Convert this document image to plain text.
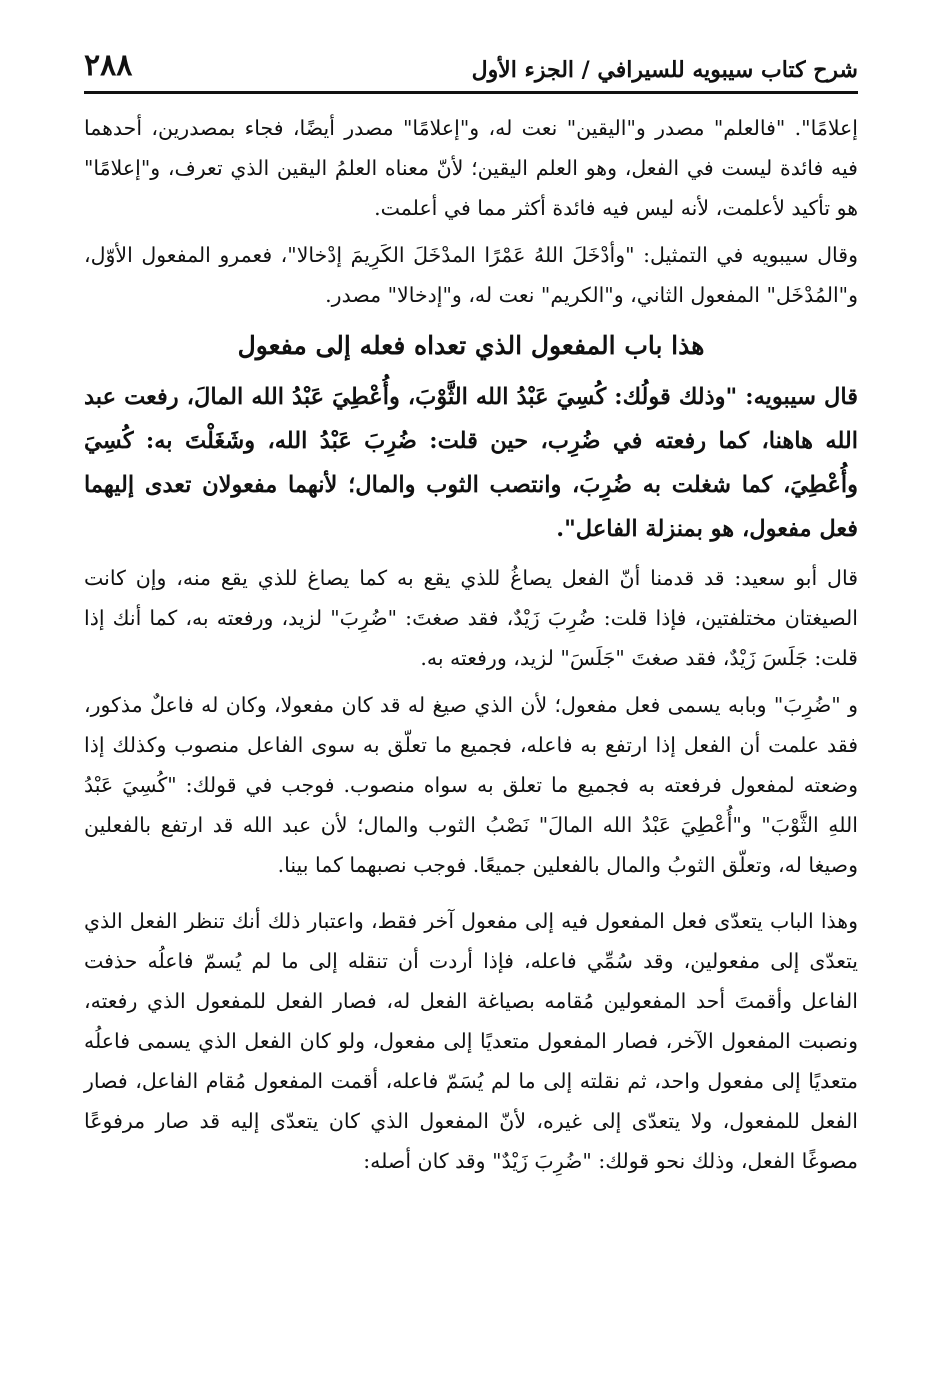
٢٨٨	شرح كتاب سيبويه للسيرافي / الجزء الأول

إعلامًا". "فالعلم" مصدر و"اليقين" نعت له، و"إعلامًا" مصدر أيضًا، فجاء بمصدرين، أحدهما فيه فائدة ليست في الفعل، وهو العلم اليقين؛ لأنّ معناه العلمُ اليقين الذي تعرف، و"إعلامًا" هو تأكيد لأعلمت، لأنه ليس فيه فائدة أكثر مما في أعلمت.

وقال سيبويه في التمثيل: "وأدْخَلَ اللهُ عَمْرًا المدْخَلَ الكَرِيمَ إدْخالا"، فعمرو المفعول الأوّل، و"المُدْخَل" المفعول الثاني، و"الكريم" نعت له، و"إدخالا" مصدر.

هذا باب المفعول الذي تعداه فعله إلى مفعول

قال سيبويه: "وذلك قولُك: كُسِيَ عَبْدُ الله الثَّوْبَ، وأُعْطِيَ عَبْدُ الله المالَ، رفعت عبد الله هاهنا، كما رفعته في ضُرِب، حين قلت: ضُرِبَ عَبْدُ الله، وشَغَلْتَ به: كُسِيَ وأُعْطِيَ، كما شغلت به ضُرِبَ، وانتصب الثوب والمال؛ لأنهما مفعولان تعدى إليهما فعل مفعول، هو بمنزلة الفاعل".

قال أبو سعيد: قد قدمنا أنّ الفعل يصاغُ للذي يقع به كما يصاغ للذي يقع منه، وإن كانت الصيغتان مختلفتين، فإذا قلت: ضُرِبَ زَيْدٌ، فقد صغتَ: "ضُرِبَ" لزيد، ورفعته به، كما أنك إذا قلت: جَلَسَ زَيْدٌ، فقد صغتَ "جَلَسَ" لزيد، ورفعته به.

و "ضُرِبَ" وبابه يسمى فعل مفعول؛ لأن الذي صيغ له قد كان مفعولا، وكان له فاعلٌ مذكور، فقد علمت أن الفعل إذا ارتفع به فاعله، فجميع ما تعلّق به سوى الفاعل منصوب وكذلك إذا وضعته لمفعول فرفعته به فجميع ما تعلق به سواه منصوب. فوجب في قولك: "كُسِيَ عَبْدُ اللهِ الثَّوْبَ" و"أُعْطِيَ عَبْدُ الله المالَ" نَصْبُ الثوب والمال؛ لأن عبد الله قد ارتفع بالفعلين وصيغا له، وتعلّق الثوبُ والمال بالفعلين جميعًا. فوجب نصبهما كما بينا.

وهذا الباب يتعدّى فعل المفعول فيه إلى مفعول آخر فقط، واعتبار ذلك أنك تنظر الفعل الذي يتعدّى إلى مفعولين، وقد سُمِّي فاعله، فإذا أردت أن تنقله إلى ما لم يُسمّ فاعلُه حذفت الفاعل وأقمتَ أحد المفعولين مُقامه بصياغة الفعل له، فصار الفعل للمفعول الذي رفعته، ونصبت المفعول الآخر، فصار المفعول متعديًا إلى مفعول، ولو كان الفعل الذي يسمى فاعلُه متعديًا إلى مفعول واحد، ثم نقلته إلى ما لم يُسَمّ فاعله، أقمت المفعول مُقام الفاعل، فصار الفعل للمفعول، ولا يتعدّى إلى غيره، لأنّ المفعول الذي كان يتعدّى إليه قد صار مرفوعًا مصوغًا الفعل، وذلك نحو قولك: "ضُرِبَ زَيْدٌ" وقد كان أصله:
